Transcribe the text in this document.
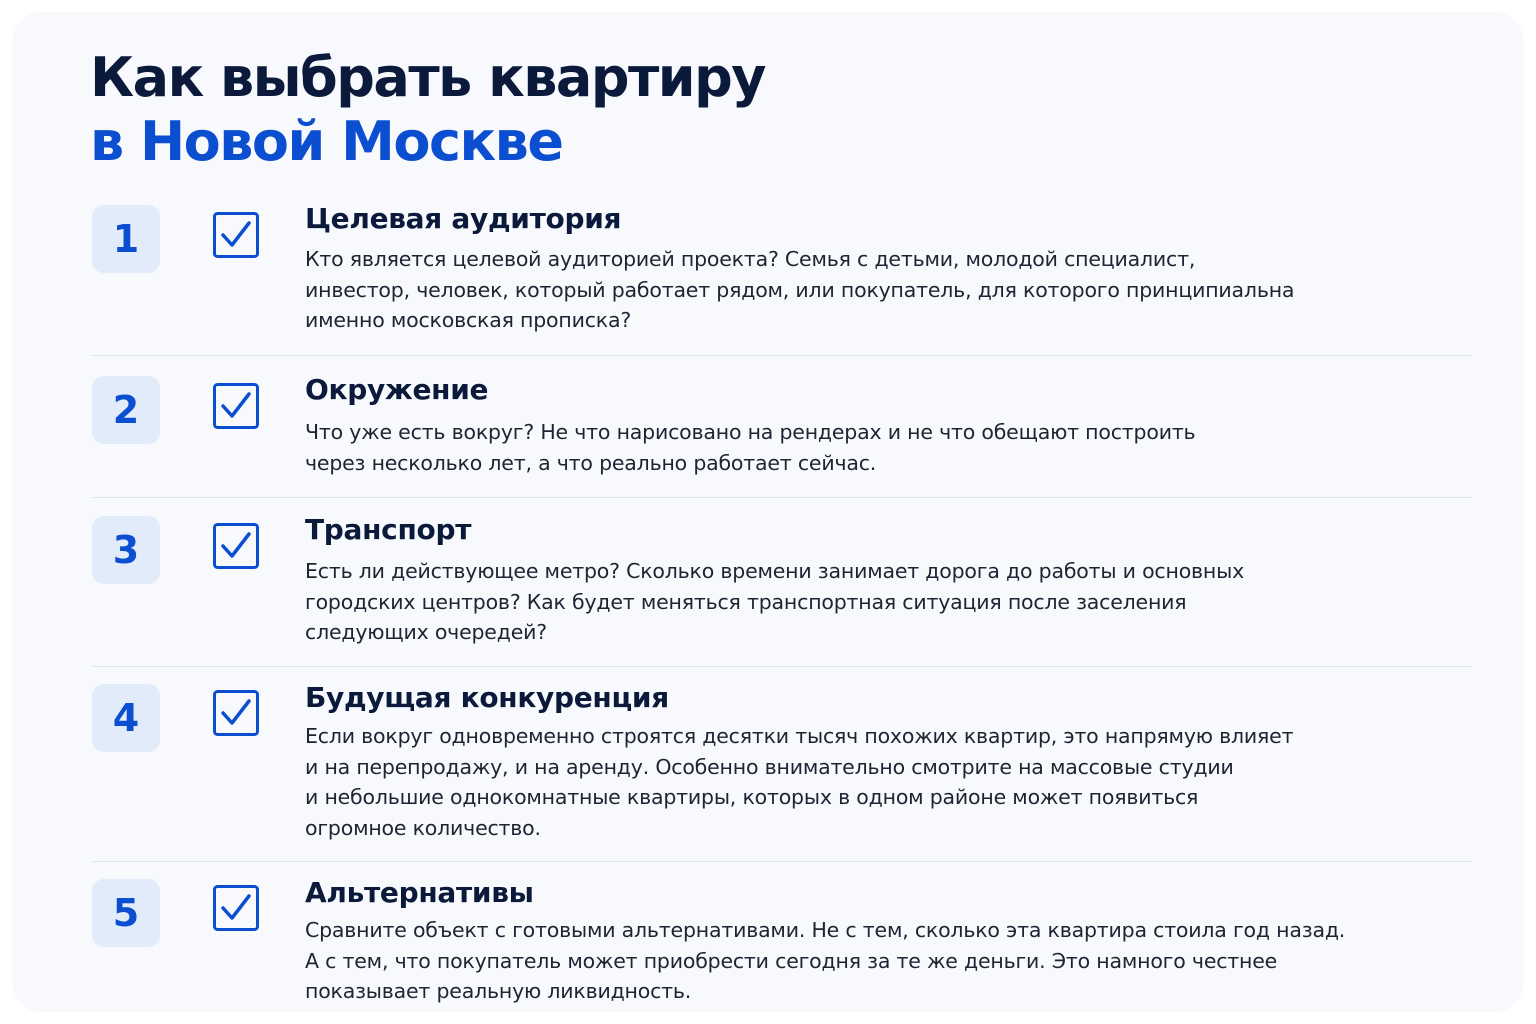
Как выбрать квартиру
в Новой Москве
1	Целевая аудитория

Кто является целевой аудиторией проекта? Семья с детьми, молодой специалист,
инвестор, человек, который работает рядом, или покупатель, для которого принципиальна
именно московская прописка?

2	Окружение

Что уже есть вокруг? Не что нарисовано на рендерах и не что обещают построить
через несколько лет, а что реально работает сейчас.

3	Транспорт

Есть ли действующее метро? Сколько времени занимает дорога до работы и основных
городских центров? Как будет меняться транспортная ситуация после заселения
следующих очередей?

4	Будущая конкуренция

Если вокруг одновременно строятся десятки тысяч похожих квартир, это напрямую влияет
и на перепродажу, и на аренду. Особенно внимательно смотрите на массовые студии
и небольшие однокомнатные квартиры, которых в одном районе может появиться
огромное количество.

5	Альтернативы

Сравните объект с готовыми альтернативами. Не с тем, сколько эта квартира стоила год назад.
А с тем, что покупатель может приобрести сегодня за те же деньги. Это намного честнее
показывает реальную ликвидность.
